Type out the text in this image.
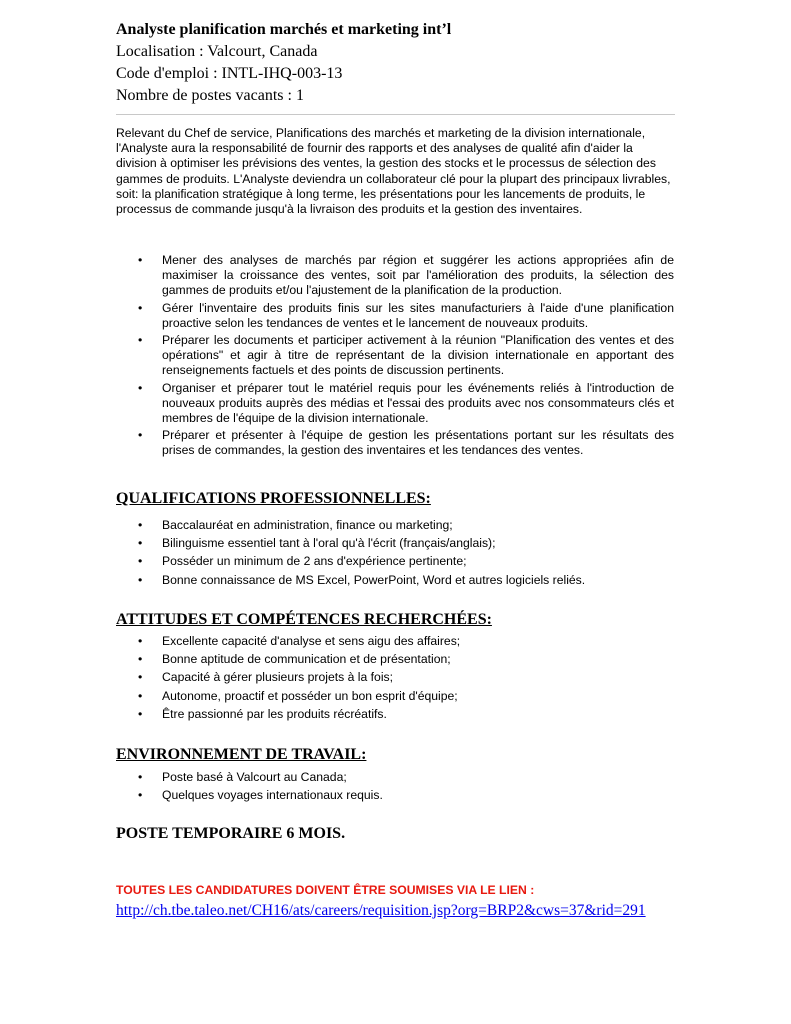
Analyste planification marchés et marketing int’l
Localisation : Valcourt, Canada
Code d'emploi : INTL-IHQ-003-13
Nombre de postes vacants : 1
Relevant du Chef de service, Planifications des marchés et marketing de la division internationale, l'Analyste aura la responsabilité de fournir des rapports et des analyses de qualité afin d'aider la division à optimiser les prévisions des ventes, la gestion des stocks et le processus de sélection des gammes de produits. L'Analyste deviendra un collaborateur clé pour la plupart des principaux livrables, soit: la planification stratégique à long terme, les présentations pour les lancements de produits, le processus de commande jusqu'à la livraison des produits et la gestion des inventaires.
• Mener des analyses de marchés par région et suggérer les actions appropriées afin de maximiser la croissance des ventes, soit par l'amélioration des produits, la sélection des gammes de produits et/ou l'ajustement de la planification de la production.
• Gérer l'inventaire des produits finis sur les sites manufacturiers à l'aide d'une planification proactive selon les tendances de ventes et le lancement de nouveaux produits.
• Préparer les documents et participer activement à la réunion "Planification des ventes et des opérations" et agir à titre de représentant de la division internationale en apportant des renseignements factuels et des points de discussion pertinents.
• Organiser et préparer tout le matériel requis pour les événements reliés à l'introduction de nouveaux produits auprès des médias et l'essai des produits avec nos consommateurs clés et membres de l'équipe de la division internationale.
• Préparer et présenter à l'équipe de gestion les présentations portant sur les résultats des prises de commandes, la gestion des inventaires et les tendances des ventes.
QUALIFICATIONS PROFESSIONNELLES:
• Baccalauréat en administration, finance ou marketing;
• Bilinguisme essentiel tant à l'oral qu'à l'écrit (français/anglais);
• Posséder un minimum de 2 ans d'expérience pertinente;
• Bonne connaissance de MS Excel, PowerPoint, Word et autres logiciels reliés.
ATTITUDES ET COMPÉTENCES RECHERCHÉES:
• Excellente capacité d'analyse et sens aigu des affaires;
• Bonne aptitude de communication et de présentation;
• Capacité à gérer plusieurs projets à la fois;
• Autonome, proactif et posséder un bon esprit d'équipe;
• Être passionné par les produits récréatifs.
ENVIRONNEMENT DE TRAVAIL:
• Poste basé à Valcourt au Canada;
• Quelques voyages internationaux requis.
POSTE TEMPORAIRE 6 MOIS.
TOUTES LES CANDIDATURES DOIVENT ÊTRE SOUMISES VIA LE LIEN :
http://ch.tbe.taleo.net/CH16/ats/careers/requisition.jsp?org=BRP2&cws=37&rid=291
